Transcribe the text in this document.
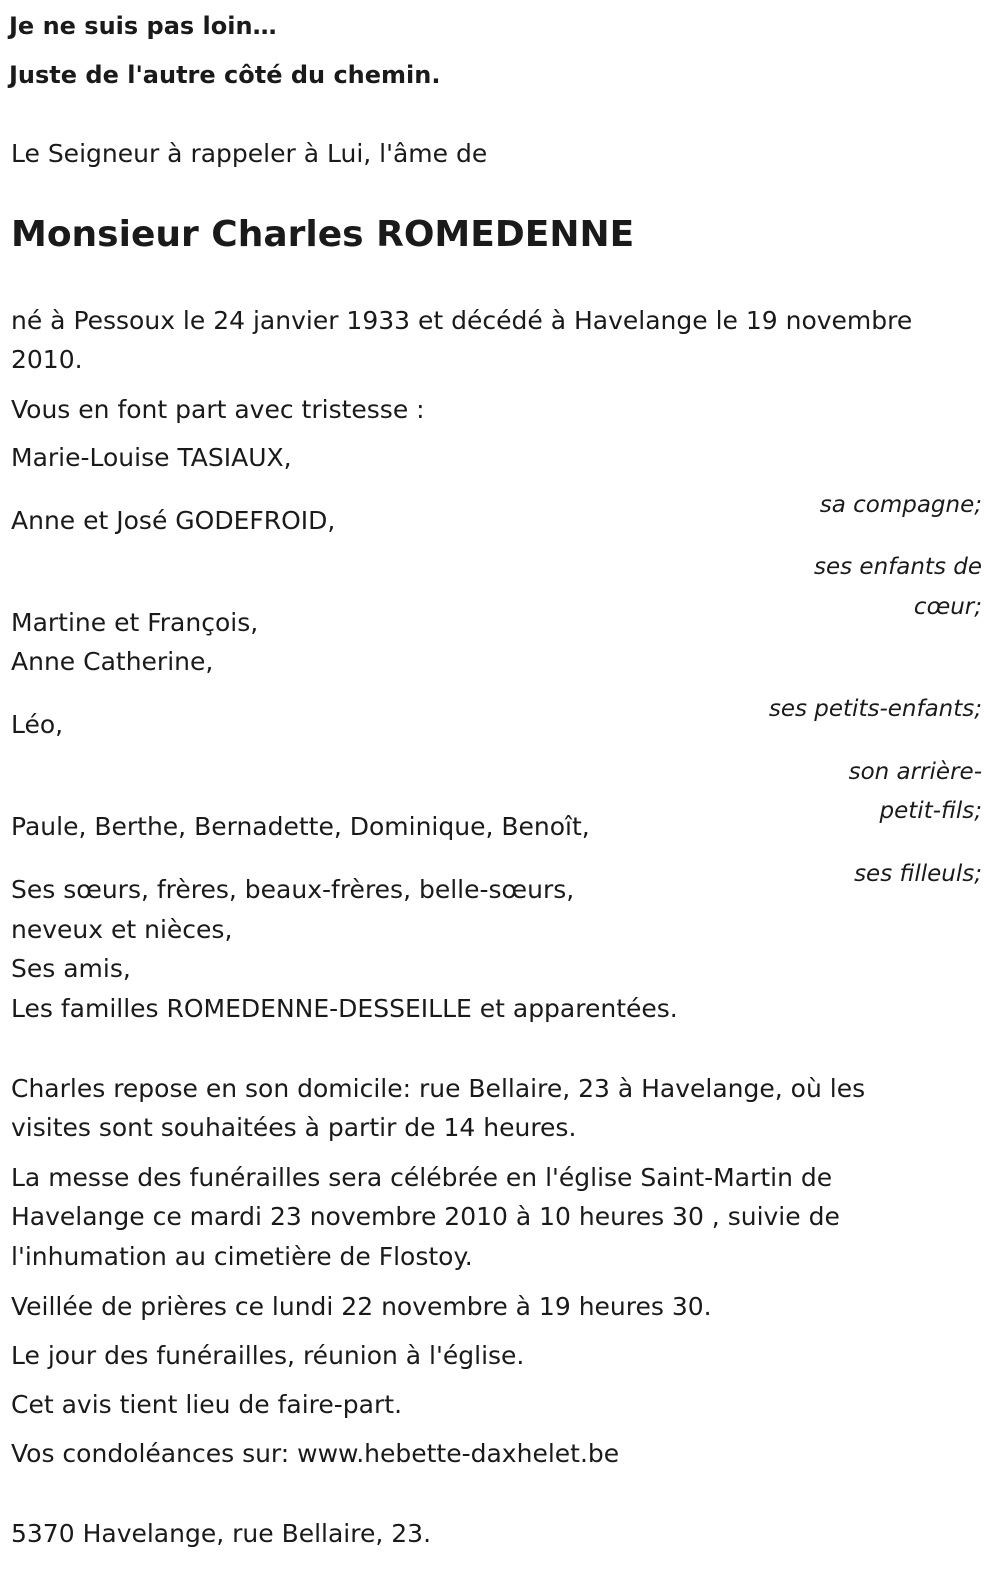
Je ne suis pas loin…

Juste de l'autre côté du chemin.

Le Seigneur à rappeler à Lui, l'âme de

Monsieur Charles ROMEDENNE

né à Pessoux le 24 janvier 1933 et décédé à Havelange le 19 novembre

2010.

Vous en font part avec tristesse :

Marie-Louise TASIAUX,

sa compagne;

Anne et José GODEFROID,

ses enfants de

cœur;

Martine et François,

Anne Catherine,

ses petits-enfants;

Léo,

son arrière-

petit-fils;

Paule, Berthe, Bernadette, Dominique, Benoît,

ses filleuls;

Ses sœurs, frères, beaux-frères, belle-sœurs,

neveux et nièces,

Ses amis,

Les familles ROMEDENNE-DESSEILLE et apparentées.

Charles repose en son domicile: rue Bellaire, 23 à Havelange, où les

visites sont souhaitées à partir de 14 heures.

La messe des funérailles sera célébrée en l'église Saint-Martin de

Havelange ce mardi 23 novembre 2010 à 10 heures 30 , suivie de

l'inhumation au cimetière de Flostoy.

Veillée de prières ce lundi 22 novembre à 19 heures 30.

Le jour des funérailles, réunion à l'église.

Cet avis tient lieu de faire-part.

Vos condoléances sur: www.hebette-daxhelet.be

5370 Havelange, rue Bellaire, 23.
